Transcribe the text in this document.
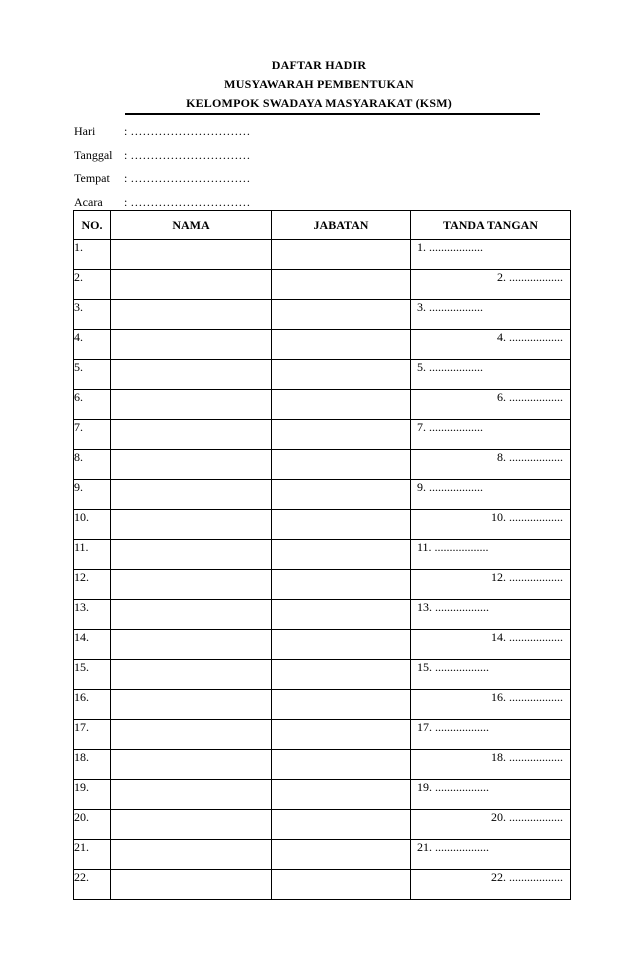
DAFTAR HADIR
MUSYAWARAH PEMBENTUKAN
KELOMPOK SWADAYA MASYARAKAT (KSM)
Hari : …………………………
Tanggal : …………………………
Tempat : …………………………
Acara : …………………………
NO.	NAMA	JABATAN	TANDA TANGAN
1.			1. ..................
2.			2. ..................
3.			3. ..................
4.			4. ..................
5.			5. ..................
6.			6. ..................
7.			7. ..................
8.			8. ..................
9.			9. ..................
10.			10. ..................
11.			11. ..................
12.			12. ..................
13.			13. ..................
14.			14. ..................
15.			15. ..................
16.			16. ..................
17.			17. ..................
18.			18. ..................
19.			19. ..................
20.			20. ..................
21.			21. ..................
22.			22. ..................
